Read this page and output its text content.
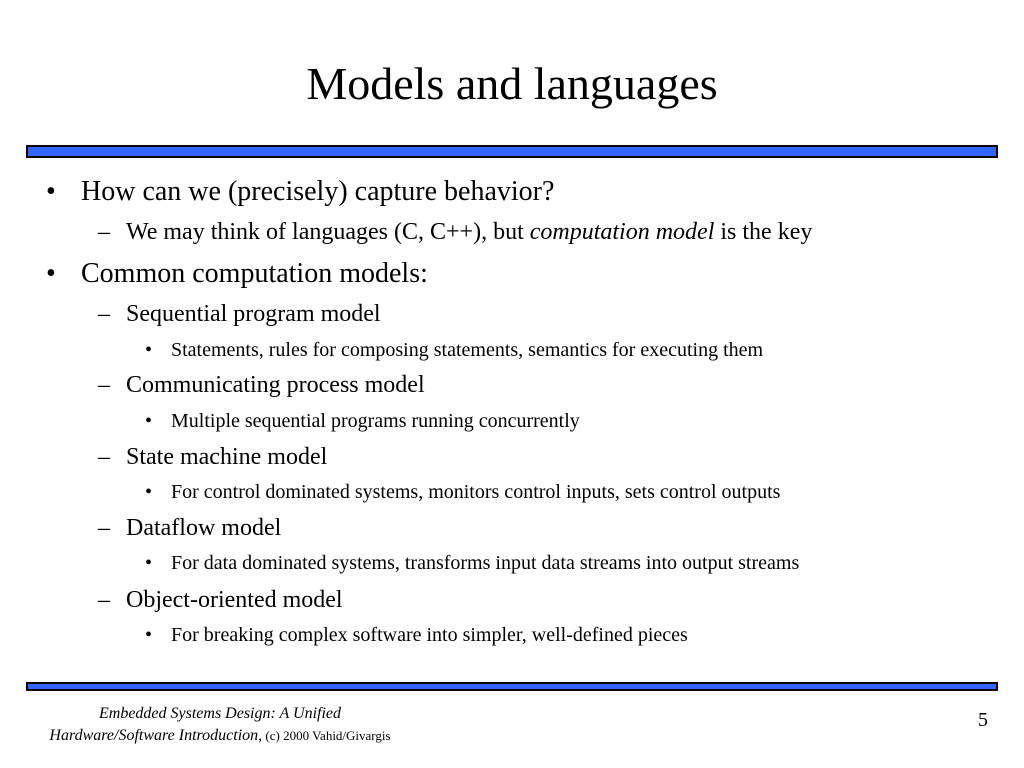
Models and languages
• How can we (precisely) capture behavior?
– We may think of languages (C, C++), but computation model is the key
• Common computation models:
– Sequential program model
• Statements, rules for composing statements, semantics for executing them
– Communicating process model
• Multiple sequential programs running concurrently
– State machine model
• For control dominated systems, monitors control inputs, sets control outputs
– Dataflow model
• For data dominated systems, transforms input data streams into output streams
– Object-oriented model
• For breaking complex software into simpler, well-defined pieces
Embedded Systems Design: A Unified
Hardware/Software Introduction, (c) 2000 Vahid/Givargis
5
